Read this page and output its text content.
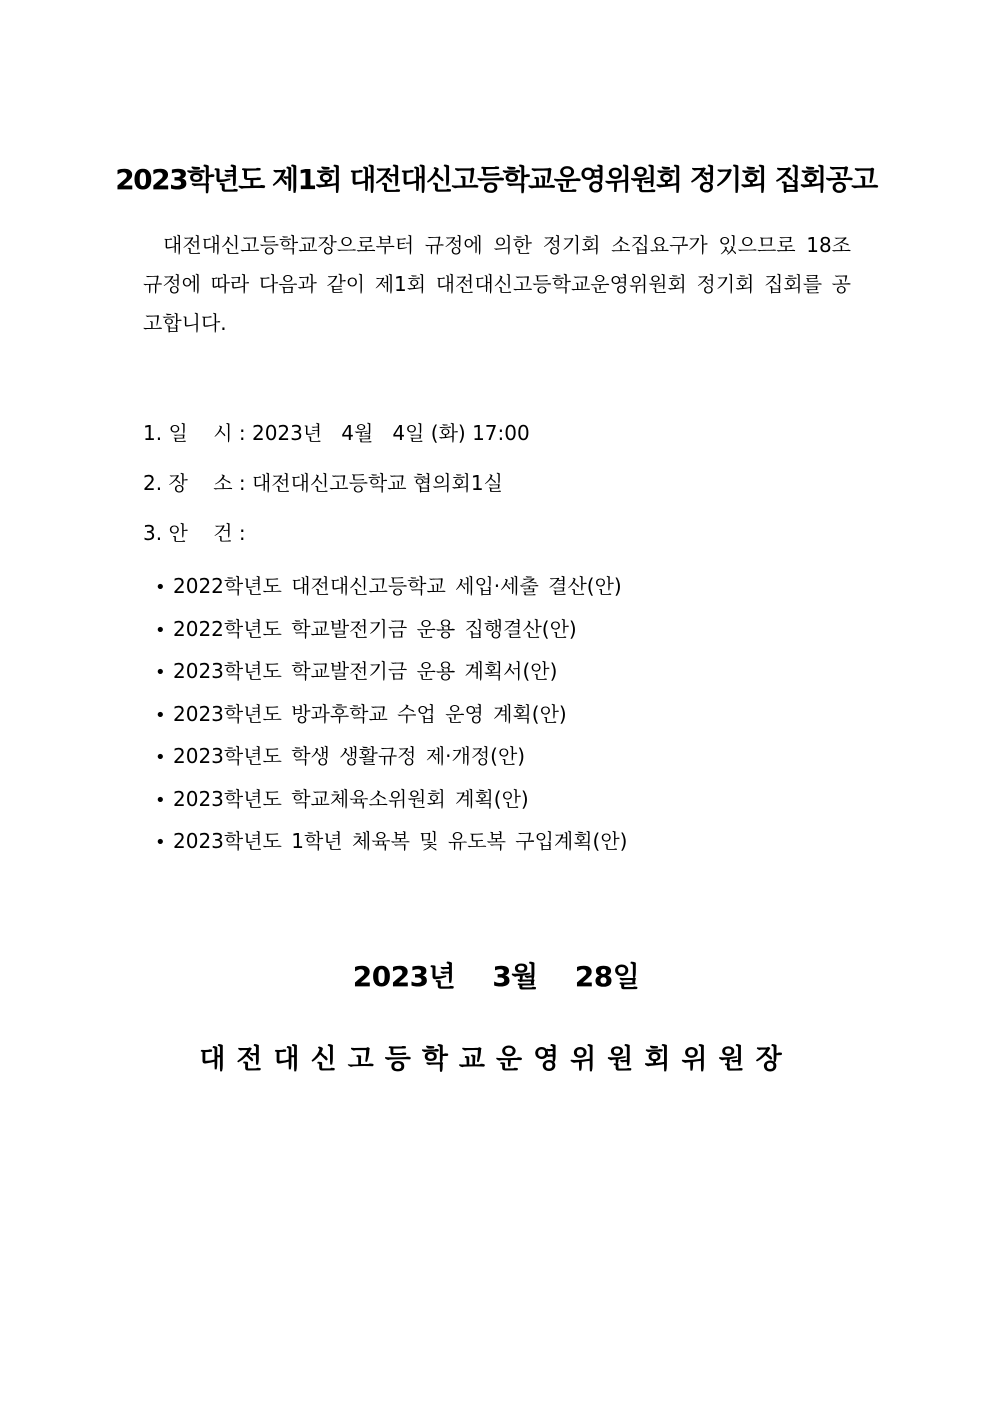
2023학년도 제1회 대전대신고등학교운영위원회 정기회 집회공고

대전대신고등학교장으로부터 규정에 의한 정기회 소집요구가 있으므로 18조 규정에 따라 다음과 같이 제1회 대전대신고등학교운영위원회 정기회 집회를 공고합니다.

1. 일    시 : 2023년   4월   4일 (화) 17:00
2. 장    소 : 대전대신고등학교 협의회1실
3. 안    건 :
• 2022학년도 대전대신고등학교 세입·세출 결산(안)
• 2022학년도 학교발전기금 운용 집행결산(안)
• 2023학년도 학교발전기금 운용 계획서(안)
• 2023학년도 방과후학교 수업 운영 계획(안)
• 2023학년도 학생 생활규정 제·개정(안)
• 2023학년도 학교체육소위원회 계획(안)
• 2023학년도 1학년 체육복 및 유도복 구입계획(안)
2023년    3월    28일
대전대신고등학교운영위원회위원장
